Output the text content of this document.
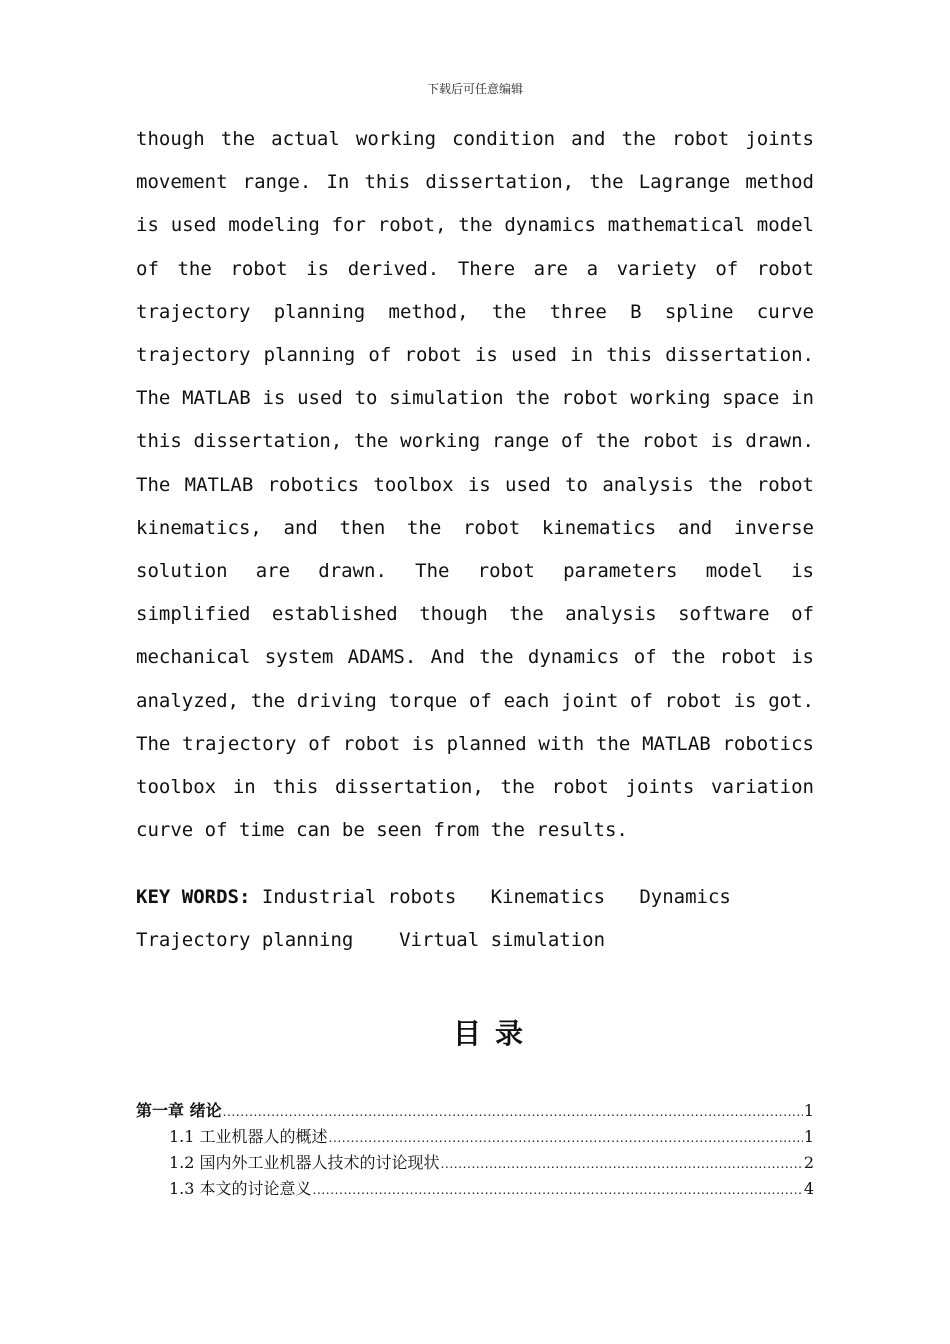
下载后可任意编辑

though the actual working condition and the robot joints movement range. In this dissertation, the Lagrange method is used modeling for robot, the dynamics mathematical model of the robot is derived. There are a variety of robot trajectory planning method, the three B spline curve trajectory planning of robot is used in this dissertation. The MATLAB is used to simulation the robot working space in this dissertation, the working range of the robot is drawn. The MATLAB robotics toolbox is used to analysis the robot kinematics, and then the robot kinematics and inverse solution are drawn. The robot parameters model is simplified established though the analysis software of mechanical system ADAMS. And the dynamics of the robot is analyzed, the driving torque of each joint of robot is got. The trajectory of robot is planned with the MATLAB robotics toolbox in this dissertation, the robot joints variation curve of time can be seen from the results.

KEY WORDS: Industrial robots Kinematics Dynamics
Trajectory planning Virtual simulation
目录
第一章 绪论 .....	1
1.1 工业机器人的概述 .....	1
1.2 国内外工业机器人技术的讨论现状 .....	2
1.3 本文的讨论意义 .....	4
